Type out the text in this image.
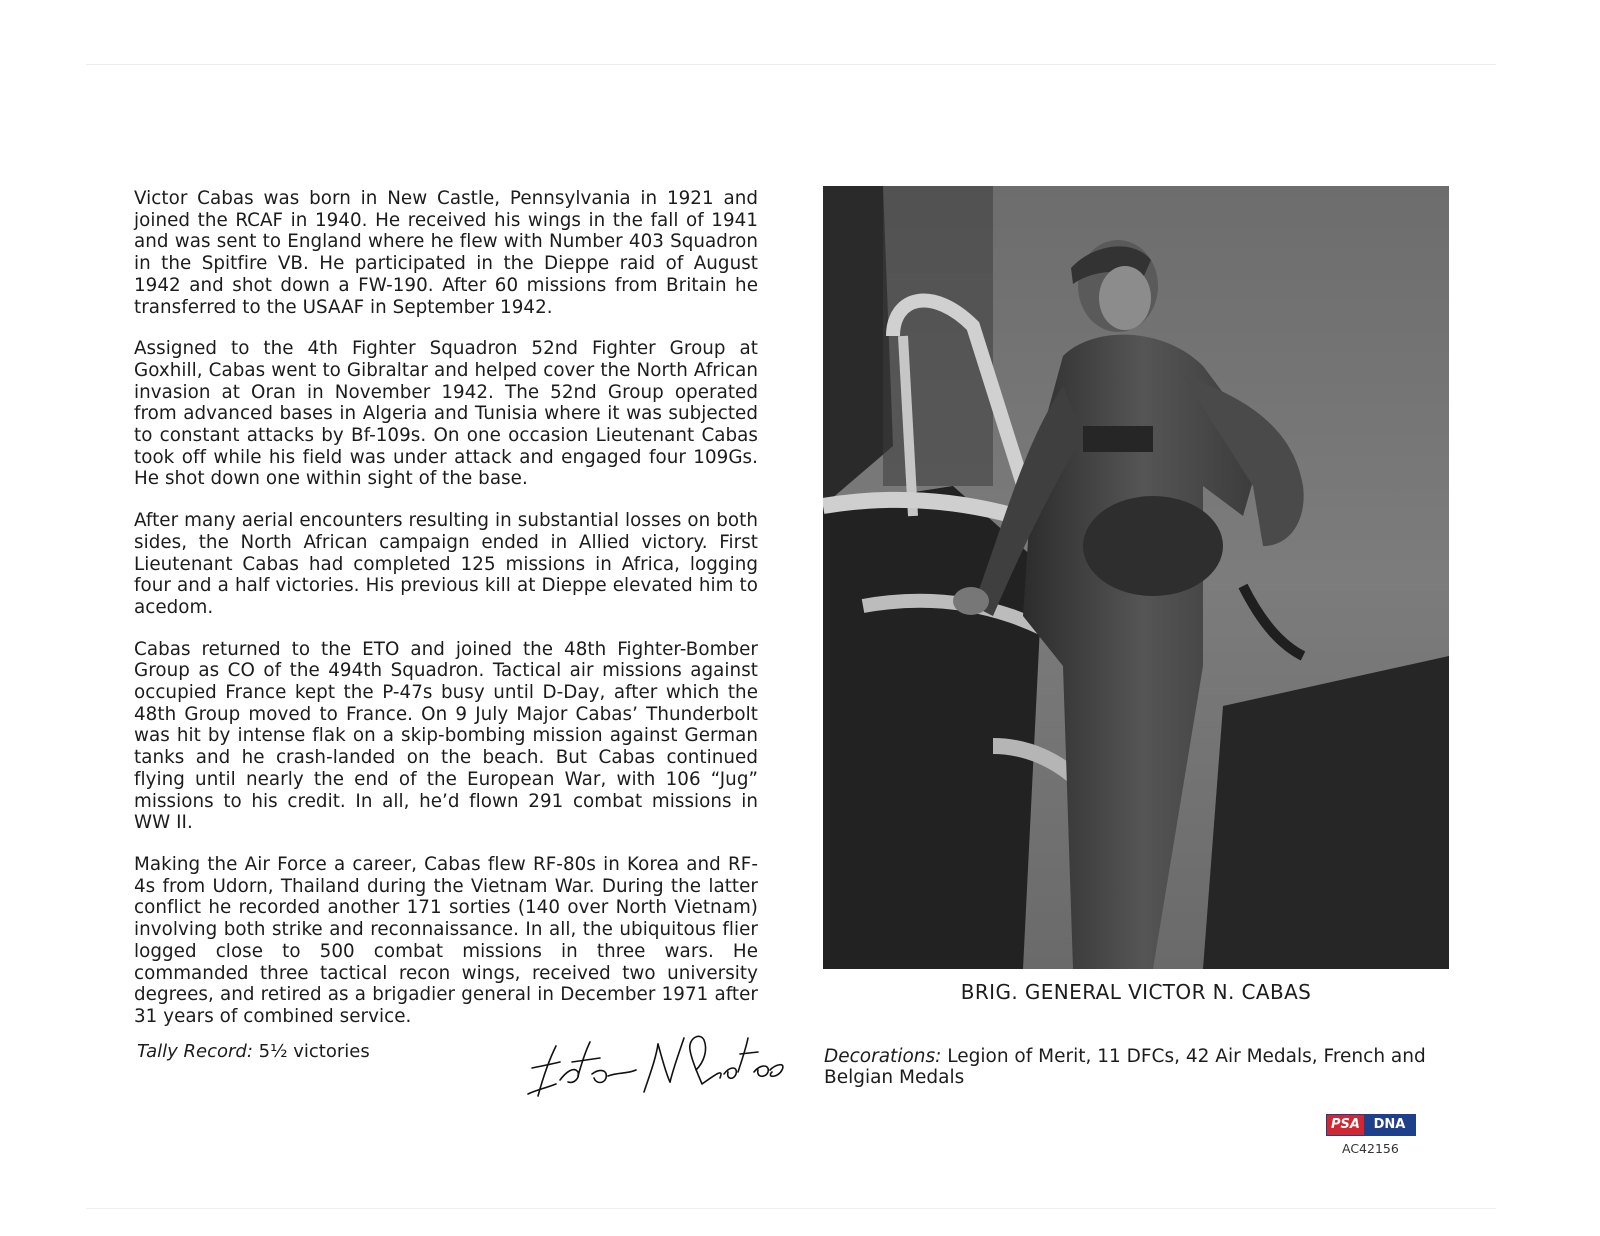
Victor Cabas was born in New Castle, Pennsylvania in 1921 and joined the RCAF in 1940. He received his wings in the fall of 1941 and was sent to England where he flew with Number 403 Squadron in the Spitfire VB. He participated in the Dieppe raid of August 1942 and shot down a FW-190. After 60 missions from Britain he transferred to the USAAF in September 1942.

Assigned to the 4th Fighter Squadron 52nd Fighter Group at Goxhill, Cabas went to Gibraltar and helped cover the North African invasion at Oran in November 1942. The 52nd Group operated from advanced bases in Algeria and Tunisia where it was subjected to constant attacks by Bf-109s. On one occasion Lieutenant Cabas took off while his field was under attack and engaged four 109Gs. He shot down one within sight of the base.

After many aerial encounters resulting in substantial losses on both sides, the North African campaign ended in Allied victory. First Lieutenant Cabas had completed 125 missions in Africa, logging four and a half victories. His previous kill at Dieppe elevated him to acedom.

Cabas returned to the ETO and joined the 48th Fighter-Bomber Group as CO of the 494th Squadron. Tactical air missions against occupied France kept the P-47s busy until D-Day, after which the 48th Group moved to France. On 9 July Major Cabas’ Thunderbolt was hit by intense flak on a skip-bombing mission against German tanks and he crash-landed on the beach. But Cabas continued flying until nearly the end of the European War, with 106 “Jug” missions to his credit. In all, he’d flown 291 combat missions in WW II.

Making the Air Force a career, Cabas flew RF-80s in Korea and RF-4s from Udorn, Thailand during the Vietnam War. During the latter conflict he recorded another 171 sorties (140 over North Vietnam) involving both strike and reconnaissance. In all, the ubiquitous flier logged close to 500 combat missions in three wars. He commanded three tactical recon wings, received two university degrees, and retired as a brigadier general in December 1971 after 31 years of combined service.

Tally Record: 5½ victories
BRIG. GENERAL VICTOR N. CABAS
Decorations: Legion of Merit, 11 DFCs, 42 Air Medals, French and Belgian Medals
PSA	DNA
AC42156
